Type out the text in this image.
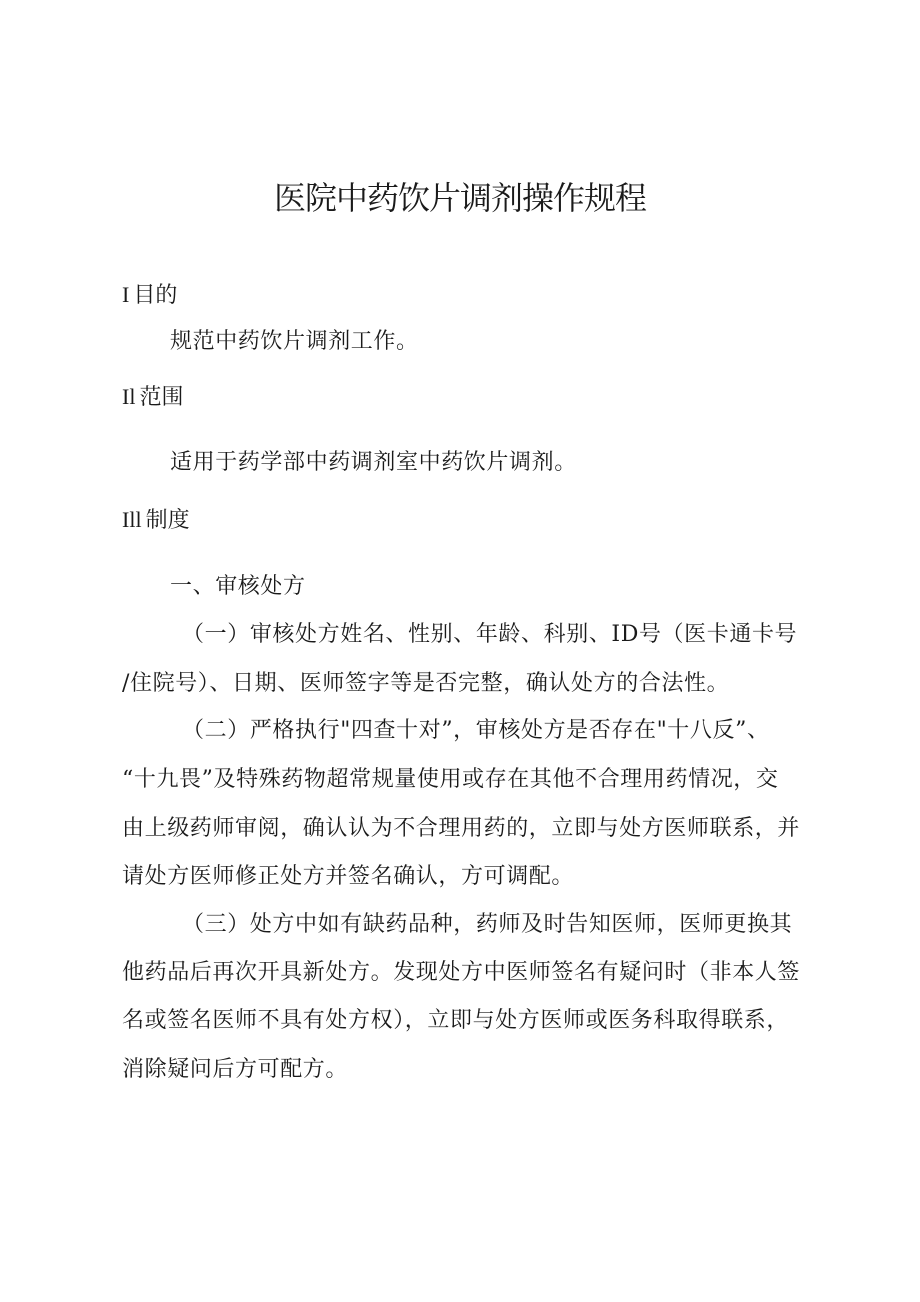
医院中药饮片调剂操作规程
I 目的

规范中药饮片调剂工作。

Il 范围

适用于药学部中药调剂室中药饮片调剂。

Ill 制度

一、审核处方

（一）审核处方姓名、性别、年龄、科别、ID号（医卡通卡号

/住院号）、日期、医师签字等是否完整，确认处方的合法性。

（二）严格执行"四查十对”，审核处方是否存在"十八反”、

“十九畏”及特殊药物超常规量使用或存在其他不合理用药情况，交

由上级药师审阅，确认认为不合理用药的，立即与处方医师联系，并

请处方医师修正处方并签名确认，方可调配。

（三）处方中如有缺药品种，药师及时告知医师，医师更换其

他药品后再次开具新处方。发现处方中医师签名有疑问时（非本人签

名或签名医师不具有处方权），立即与处方医师或医务科取得联系，

消除疑问后方可配方。
